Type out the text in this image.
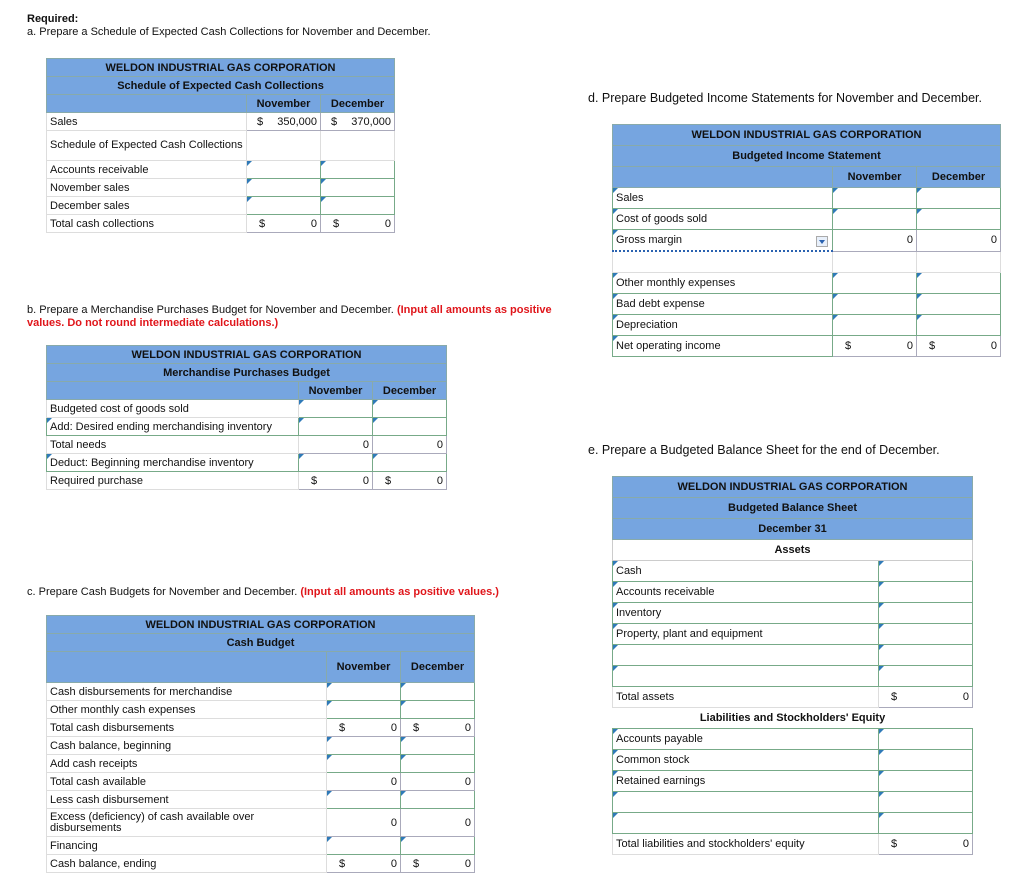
Required:
a. Prepare a Schedule of Expected Cash Collections for November and December.
WELDON INDUSTRIAL GAS CORPORATION		
Schedule of Expected Cash Collections		
	November	December
Sales	$ 350,000	$ 370,000
Schedule of Expected Cash Collections		
Accounts receivable		
November sales		
December sales		
Total cash collections	$ 0	$ 0
b. Prepare a Merchandise Purchases Budget for November and December. (Input all amounts as positive values. Do not round intermediate calculations.)
WELDON INDUSTRIAL GAS CORPORATION		
Merchandise Purchases Budget		
	November	December
Budgeted cost of goods sold		
Add: Desired ending merchandising inventory		
Total needs	0	0
Deduct: Beginning merchandise inventory		
Required purchase	$ 0	$ 0
c. Prepare Cash Budgets for November and December. (Input all amounts as positive values.)
WELDON INDUSTRIAL GAS CORPORATION		
Cash Budget		
	November	December
Cash disbursements for merchandise		
Other monthly cash expenses		
Total cash disbursements	$ 0	$ 0
Cash balance, beginning		
Add cash receipts		
Total cash available	0	0
Less cash disbursement		
Excess (deficiency) of cash available over disbursements	0	0
Financing		
Cash balance, ending	$ 0	$ 0
d. Prepare Budgeted Income Statements for November and December.
WELDON INDUSTRIAL GAS CORPORATION		
Budgeted Income Statement		
	November	December
Sales		
Cost of goods sold		
Gross margin	0	0

Other monthly expenses		
Bad debt expense		
Depreciation		
Net operating income	$ 0	$ 0
e. Prepare a Budgeted Balance Sheet for the end of December.
WELDON INDUSTRIAL GAS CORPORATION	
Budgeted Balance Sheet	
December 31	
Assets	
Cash	
Accounts receivable	
Inventory	
Property, plant and equipment	

Total assets	$ 0
Liabilities and Stockholders' Equity	
Accounts payable	
Common stock	
Retained earnings	

Total liabilities and stockholders' equity	$ 0
